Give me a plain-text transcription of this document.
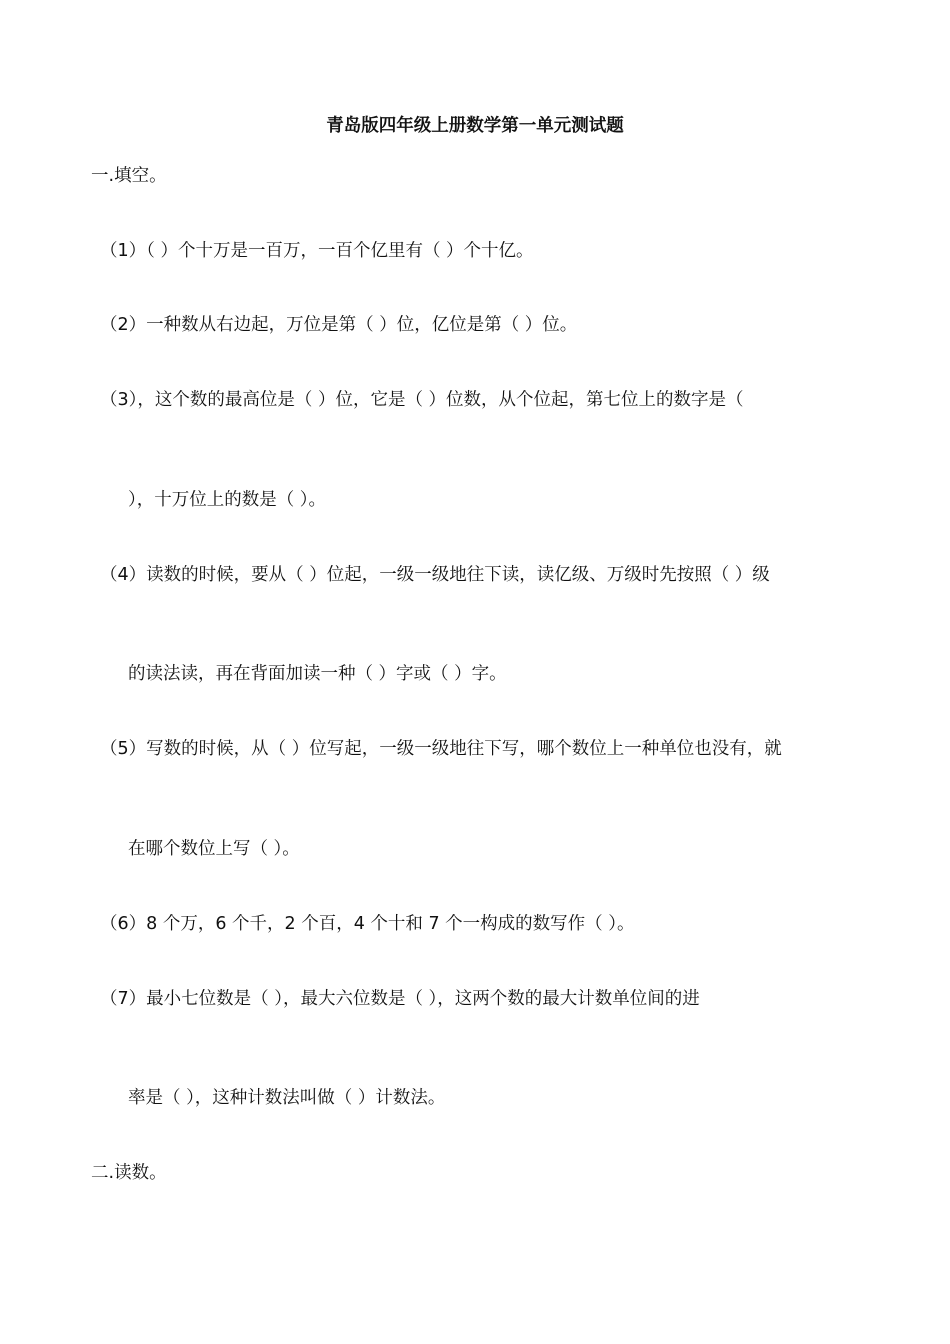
青岛版四年级上册数学第一单元测试题
一.填空。
（1）（ ）个十万是一百万，一百个亿里有（ ）个十亿。
（2）一种数从右边起，万位是第（ ）位，亿位是第（ ）位。
（3），这个数的最高位是（ ）位，它是（ ）位数，从个位起，第七位上的数字是（
），十万位上的数是（ ）。
（4）读数的时候，要从（ ）位起，一级一级地往下读，读亿级、万级时先按照（ ）级
的读法读，再在背面加读一种（ ）字或（ ）字。
（5）写数的时候，从（ ）位写起，一级一级地往下写，哪个数位上一种单位也没有，就
在哪个数位上写（ ）。
（6）8 个万，6 个千，2 个百，4 个十和 7 个一构成的数写作（ ）。
（7）最小七位数是（ ），最大六位数是（ ），这两个数的最大计数单位间的进
率是（ ），这种计数法叫做（ ）计数法。
二.读数。
